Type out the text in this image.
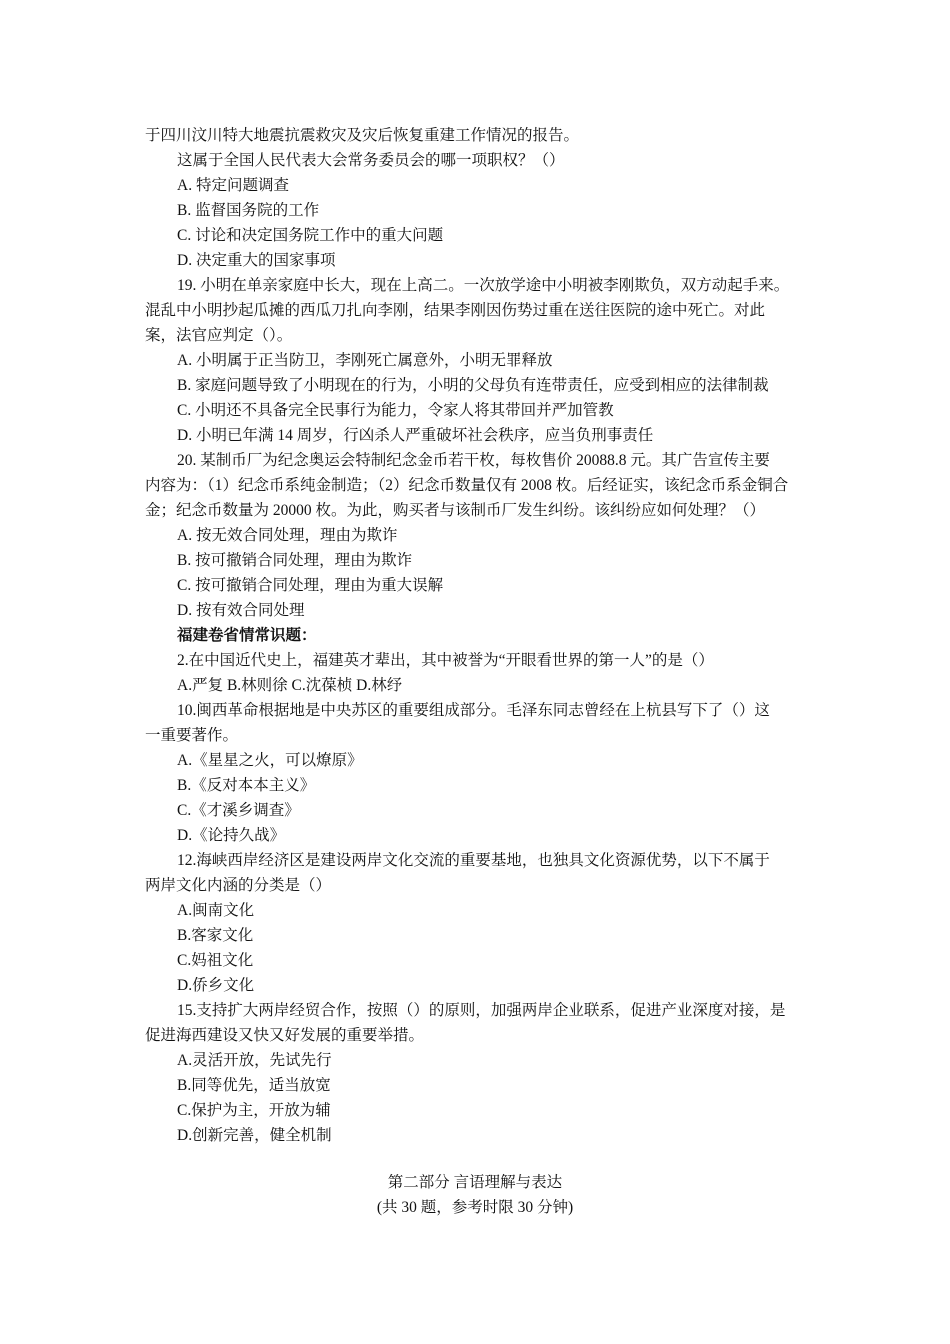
于四川汶川特大地震抗震救灾及灾后恢复重建工作情况的报告。
这属于全国人民代表大会常务委员会的哪一项职权？（）
A. 特定问题调查
B. 监督国务院的工作
C. 讨论和决定国务院工作中的重大问题
D. 决定重大的国家事项
19. 小明在单亲家庭中长大，现在上高二。一次放学途中小明被李刚欺负，双方动起手来。
混乱中小明抄起瓜摊的西瓜刀扎向李刚，结果李刚因伤势过重在送往医院的途中死亡。对此
案，法官应判定（）。
A. 小明属于正当防卫，李刚死亡属意外，小明无罪释放
B. 家庭问题导致了小明现在的行为，小明的父母负有连带责任，应受到相应的法律制裁
C. 小明还不具备完全民事行为能力，令家人将其带回并严加管教
D. 小明已年满 14 周岁，行凶杀人严重破坏社会秩序，应当负刑事责任
20. 某制币厂为纪念奥运会特制纪念金币若干枚，每枚售价 20088.8 元。其广告宣传主要
内容为：（1）纪念币系纯金制造；（2）纪念币数量仅有 2008 枚。后经证实，该纪念币系金铜合
金；纪念币数量为 20000 枚。为此，购买者与该制币厂发生纠纷。该纠纷应如何处理？（）
A. 按无效合同处理，理由为欺诈
B. 按可撤销合同处理，理由为欺诈
C. 按可撤销合同处理，理由为重大误解
D. 按有效合同处理
福建卷省情常识题：
2.在中国近代史上，福建英才辈出，其中被誉为“开眼看世界的第一人”的是（）
A.严复 B.林则徐 C.沈葆桢 D.林纾
10.闽西革命根据地是中央苏区的重要组成部分。毛泽东同志曾经在上杭县写下了（）这
一重要著作。
A.《星星之火，可以燎原》
B.《反对本本主义》
C.《才溪乡调查》
D.《论持久战》
12.海峡西岸经济区是建设两岸文化交流的重要基地，也独具文化资源优势，以下不属于
两岸文化内涵的分类是（）
A.闽南文化
B.客家文化
C.妈祖文化
D.侨乡文化
15.支持扩大两岸经贸合作，按照（）的原则，加强两岸企业联系，促进产业深度对接，是
促进海西建设又快又好发展的重要举措。
A.灵活开放，先试先行
B.同等优先，适当放宽
C.保护为主，开放为辅
D.创新完善，健全机制
第二部分 言语理解与表达
(共 30 题，参考时限 30 分钟)
